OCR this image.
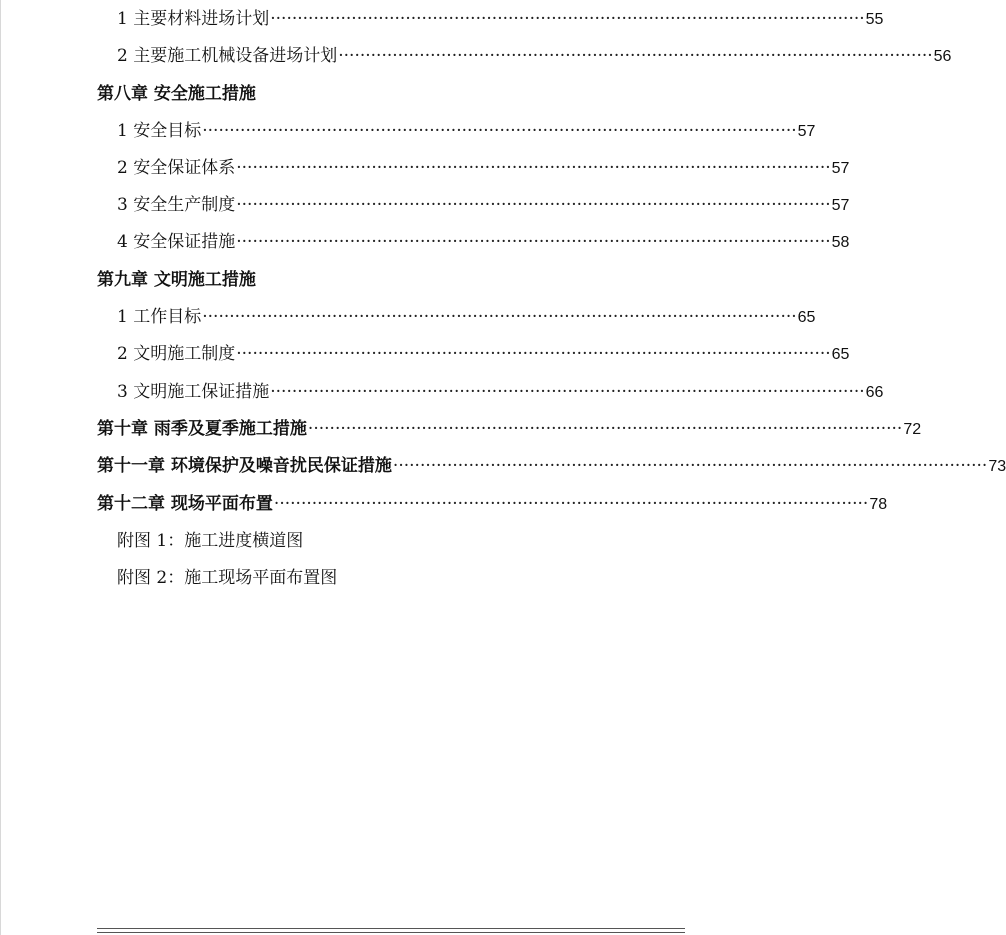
1 主要材料进场计划 ·············································································································· 55
2 主要施工机械设备进场计划 ·············································································································· 56
第八章 安全施工措施
1 安全目标 ·············································································································· 57
2 安全保证体系 ·············································································································· 57
3 安全生产制度 ·············································································································· 57
4 安全保证措施 ·············································································································· 58
第九章 文明施工措施
1 工作目标 ·············································································································· 65
2 文明施工制度 ·············································································································· 65
3 文明施工保证措施 ·············································································································· 66
第十章 雨季及夏季施工措施 ·············································································································· 72
第十一章 环境保护及噪音扰民保证措施 ·············································································································· 73
第十二章 现场平面布置 ·············································································································· 78
附图 1：施工进度横道图
附图 2：施工现场平面布置图
